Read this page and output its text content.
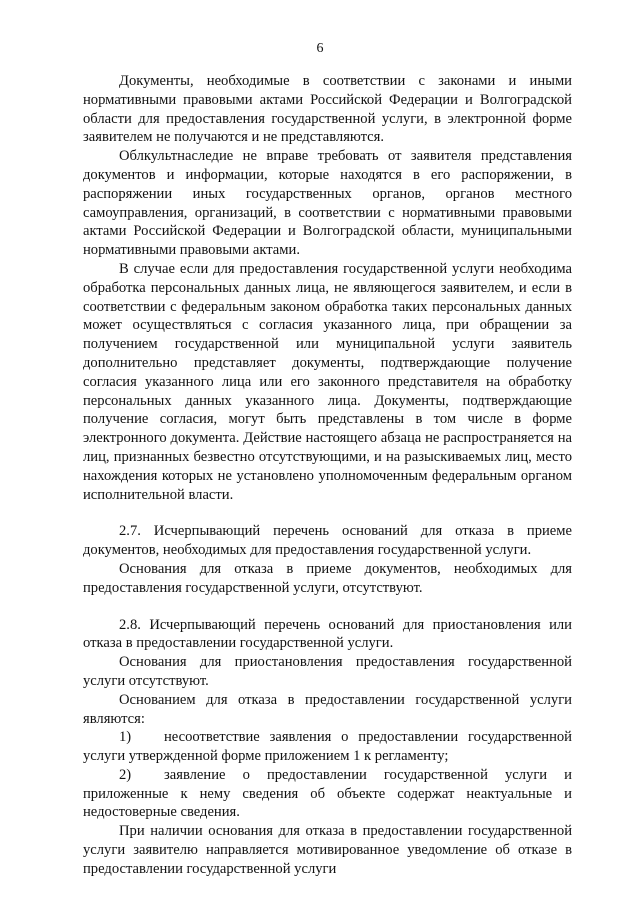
6

Документы, необходимые в соответствии с законами и иными нормативными правовыми актами Российской Федерации и Волгоградской области для предоставления государственной услуги, в электронной форме заявителем не получаются и не представляются.

Облкультнаследие не вправе требовать от заявителя представления документов и информации, которые находятся в его распоряжении, в распоряжении иных государственных органов, органов местного самоуправления, организаций, в соответствии с нормативными правовыми актами Российской Федерации и Волгоградской области, муниципальными нормативными правовыми актами.

В случае если для предоставления государственной услуги необходима обработка персональных данных лица, не являющегося заявителем, и если в соответствии с федеральным законом обработка таких персональных данных может осуществляться с согласия указанного лица, при обращении за получением государственной или муниципальной услуги заявитель дополнительно представляет документы, подтверждающие получение согласия указанного лица или его законного представителя на обработку персональных данных указанного лица. Документы, подтверждающие получение согласия, могут быть представлены в том числе в форме электронного документа. Действие настоящего абзаца не распространяется на лиц, признанных безвестно отсутствующими, и на разыскиваемых лиц, место нахождения которых не установлено уполномоченным федеральным органом исполнительной власти.

2.7. Исчерпывающий перечень оснований для отказа в приеме документов, необходимых для предоставления государственной услуги.

Основания для отказа в приеме документов, необходимых для предоставления государственной услуги, отсутствуют.

2.8. Исчерпывающий перечень оснований для приостановления или отказа в предоставлении государственной услуги.

Основания для приостановления предоставления государственной услуги отсутствуют.

Основанием для отказа в предоставлении государственной услуги являются:

1) несоответствие заявления о предоставлении государственной услуги утвержденной форме приложением 1 к регламенту;

2) заявление о предоставлении государственной услуги и приложенные к нему сведения об объекте содержат неактуальные и недостоверные сведения.

При наличии основания для отказа в предоставлении государственной услуги заявителю направляется мотивированное уведомление об отказе в предоставлении государственной услуги
